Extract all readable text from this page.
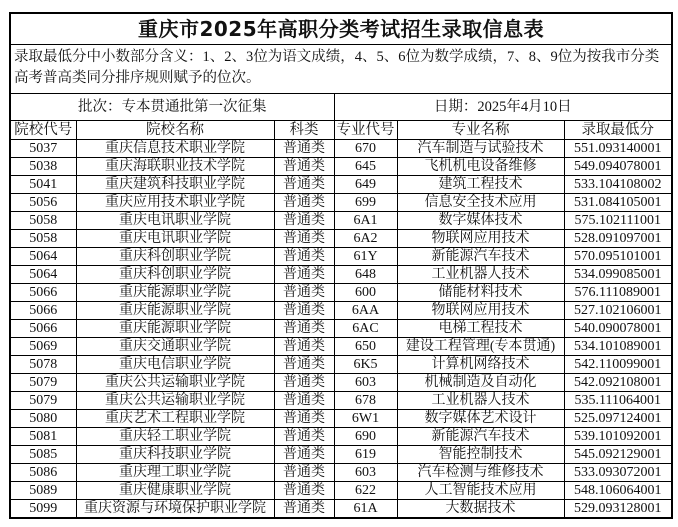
重庆市2025年高职分类考试招生录取信息表					
录取最低分中小数部分含义：1、2、3位为语文成绩，4、5、6位为数学成绩，7、8、9位为按我市分类高考普高类同分排序规则赋予的位次。					
批次：专本贯通批第一次征集			日期：2025年4月10日		
院校代号	院校名称	科类	专业代号	专业名称	录取最低分
5037	重庆信息技术职业学院	普通类	670	汽车制造与试验技术	551.093140001
5038	重庆海联职业技术学院	普通类	645	飞机机电设备维修	549.094078001
5041	重庆建筑科技职业学院	普通类	649	建筑工程技术	533.104108002
5056	重庆应用技术职业学院	普通类	699	信息安全技术应用	531.084105001
5058	重庆电讯职业学院	普通类	6A1	数字媒体技术	575.102111001
5058	重庆电讯职业学院	普通类	6A2	物联网应用技术	528.091097001
5064	重庆科创职业学院	普通类	61Y	新能源汽车技术	570.095101001
5064	重庆科创职业学院	普通类	648	工业机器人技术	534.099085001
5066	重庆能源职业学院	普通类	600	储能材料技术	576.111089001
5066	重庆能源职业学院	普通类	6AA	物联网应用技术	527.102106001
5066	重庆能源职业学院	普通类	6AC	电梯工程技术	540.090078001
5069	重庆交通职业学院	普通类	650	建设工程管理(专本贯通)	534.101089001
5078	重庆电信职业学院	普通类	6K5	计算机网络技术	542.110099001
5079	重庆公共运输职业学院	普通类	603	机械制造及自动化	542.092108001
5079	重庆公共运输职业学院	普通类	678	工业机器人技术	535.111064001
5080	重庆艺术工程职业学院	普通类	6W1	数字媒体艺术设计	525.097124001
5081	重庆轻工职业学院	普通类	690	新能源汽车技术	539.101092001
5085	重庆科技职业学院	普通类	619	智能控制技术	545.092129001
5086	重庆理工职业学院	普通类	603	汽车检测与维修技术	533.093072001
5089	重庆健康职业学院	普通类	622	人工智能技术应用	548.106064001
5099	重庆资源与环境保护职业学院	普通类	61A	大数据技术	529.093128001
